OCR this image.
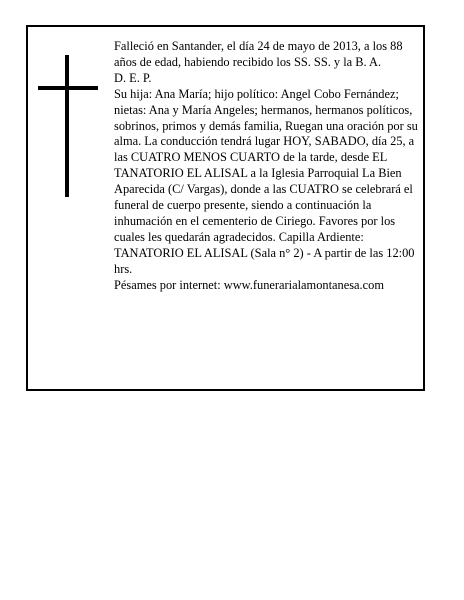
Falleció en Santander, el día 24 de mayo de 2013, a los 88 años de edad, habiendo recibido los SS. SS. y la B. A.

D. E. P.

Su hija: Ana María; hijo político: Angel Cobo Fernández; nietas: Ana y María Angeles; hermanos, hermanos políticos, sobrinos, primos y demás familia, Ruegan una oración por su alma. La conducción tendrá lugar HOY, SABADO, día 25, a las CUATRO MENOS CUARTO de la tarde, desde EL TANATORIO EL ALISAL a la Iglesia Parroquial La Bien Aparecida (C/ Vargas), donde a las CUATRO se celebrará el funeral de cuerpo presente, siendo a continuación la inhumación en el cementerio de Ciriego. Favores por los cuales les quedarán agradecidos. Capilla Ardiente: TANATORIO EL ALISAL (Sala n° 2) - A partir de las 12:00 hrs.

Pésames por internet: www.funerarialamontanesa.com
